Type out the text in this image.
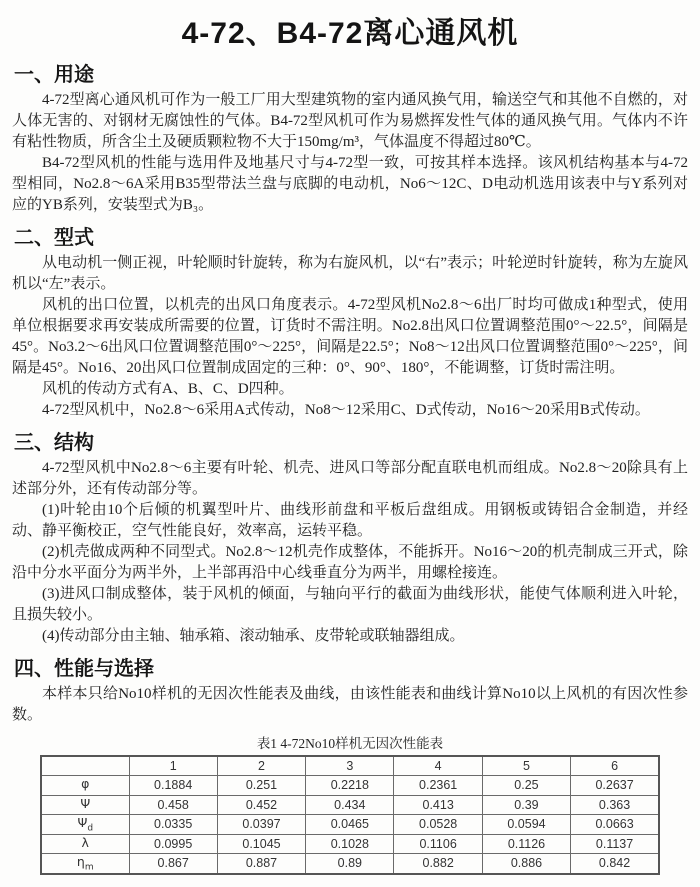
4-72、B4-72离心通风机
一、用途

4-72型离心通风机可作为一般工厂用大型建筑物的室内通风换气用，输送空气和其他不自燃的，对人体无害的、对钢材无腐蚀性的气体。B4-72型风机可作为易燃挥发性气体的通风换气用。气体内不许有粘性物质，所含尘土及硬质颗粒物不大于150mg/m³，气体温度不得超过80℃。

B4-72型风机的性能与选用件及地基尺寸与4-72型一致，可按其样本选择。该风机结构基本与4-72型相同，No2.8～6A采用B35型带法兰盘与底脚的电动机，No6～12C、D电动机选用该表中与Y系列对应的YB系列，安装型式为B₃。

二、型式

从电动机一侧正视，叶轮顺时针旋转，称为右旋风机，以“右”表示；叶轮逆时针旋转，称为左旋风机以“左”表示。

风机的出口位置，以机壳的出风口角度表示。4-72型风机No2.8～6出厂时均可做成1种型式，使用单位根据要求再安装成所需要的位置，订货时不需注明。No2.8出风口位置调整范围0°～22.5°，间隔是45°。No3.2～6出风口位置调整范围0°～225°，间隔是22.5°；No8～12出风口位置调整范围0°～225°，间隔是45°。No16、20出风口位置制成固定的三种：0°、90°、180°，不能调整，订货时需注明。

风机的传动方式有A、B、C、D四种。

4-72型风机中，No2.8～6采用A式传动，No8～12采用C、D式传动，No16～20采用B式传动。

三、结构

4-72型风机中No2.8～6主要有叶轮、机壳、进风口等部分配直联电机而组成。No2.8～20除具有上述部分外，还有传动部分等。

(1)叶轮由10个后倾的机翼型叶片、曲线形前盘和平板后盘组成。用钢板或铸铝合金制造，并经动、静平衡校正，空气性能良好，效率高，运转平稳。

(2)机壳做成两种不同型式。No2.8～12机壳作成整体，不能拆开。No16～20的机壳制成三开式，除沿中分水平面分为两半外，上半部再沿中心线垂直分为两半，用螺栓接连。

(3)进风口制成整体，装于风机的倾面，与轴向平行的截面为曲线形状，能使气体顺利进入叶轮，且损失较小。

(4)传动部分由主轴、轴承箱、滚动轴承、皮带轮或联轴器组成。

四、性能与选择

本样本只给No10样机的无因次性能表及曲线，由该性能表和曲线计算No10以上风机的有因次性参数。

表1 4-72No10样机无因次性能表
	1	2	3	4	5	6
φ	0.1884	0.251	0.2218	0.2361	0.25	0.2637
Ψ	0.458	0.452	0.434	0.413	0.39	0.363
$\Psi_d$	0.0335	0.0397	0.0465	0.0528	0.0594	0.0663
λ	0.0995	0.1045	0.1028	0.1106	0.1126	0.1137
$\eta_m$	0.867	0.887	0.89	0.882	0.886	0.842
